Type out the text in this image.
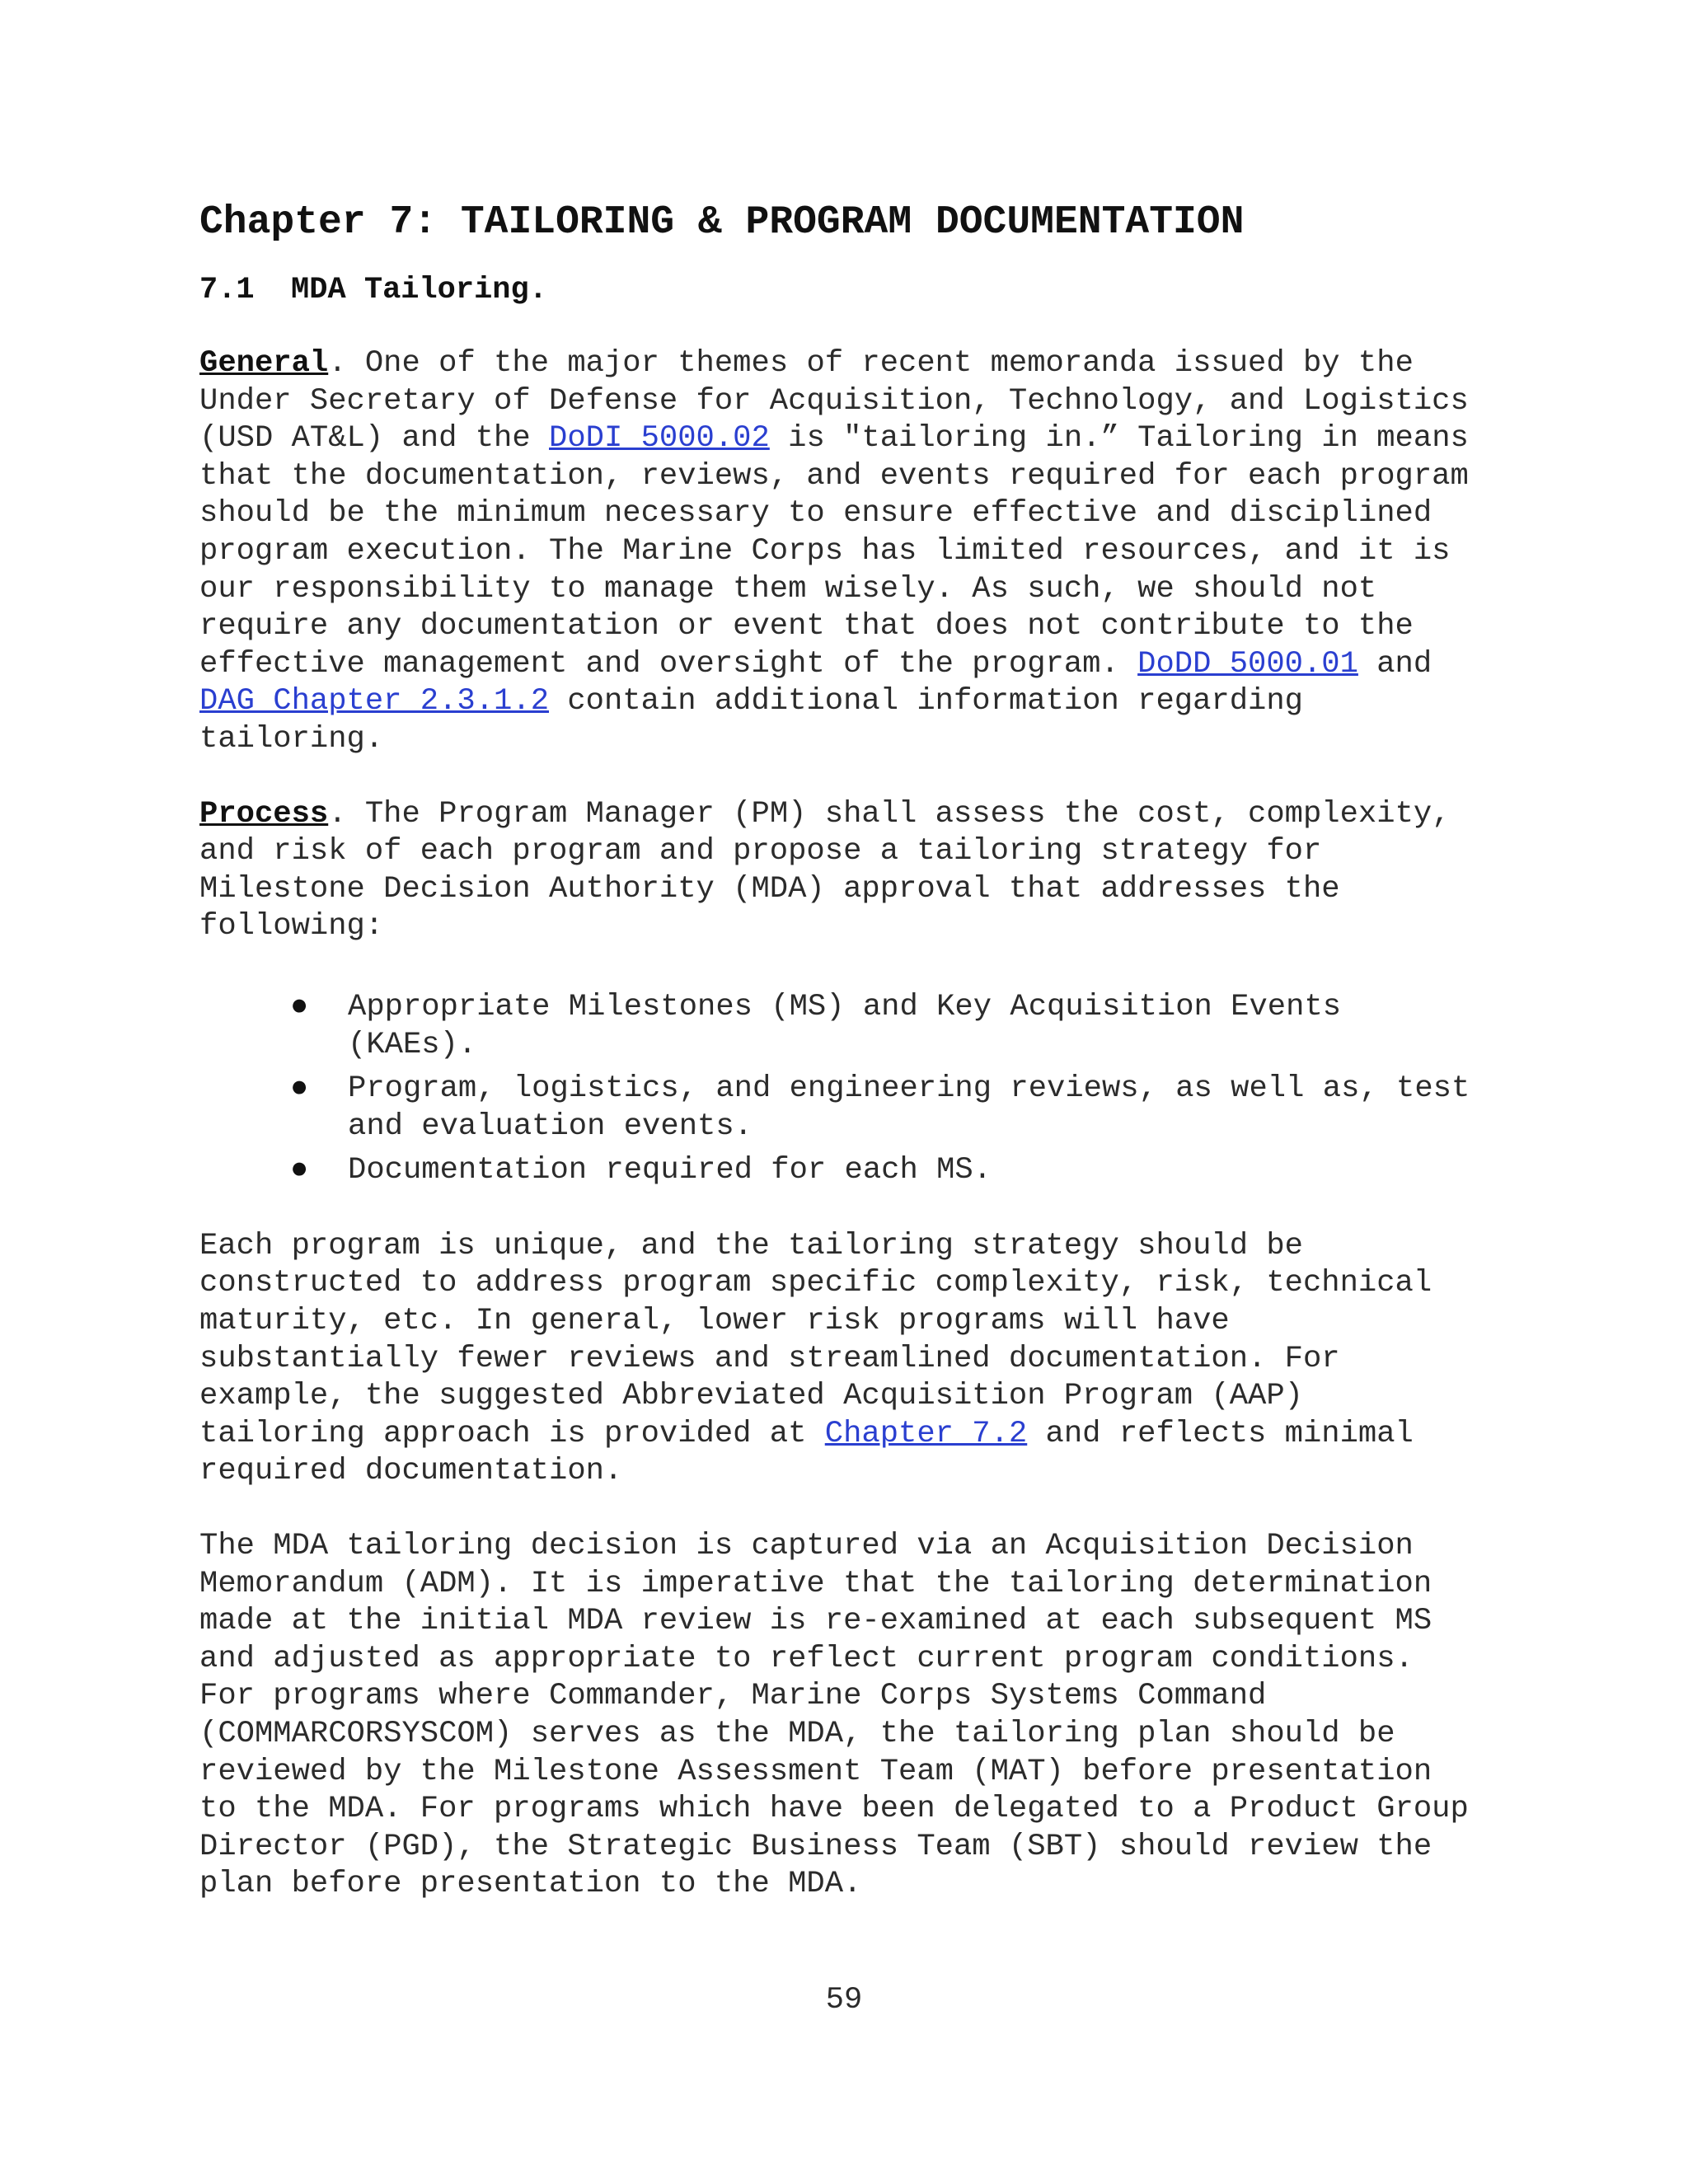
Chapter 7: TAILORING & PROGRAM DOCUMENTATION
7.1 MDA Tailoring.

General. One of the major themes of recent memoranda issued by the Under Secretary of Defense for Acquisition, Technology, and Logistics (USD AT&L) and the DoDI 5000.02 is "tailoring in.” Tailoring in means that the documentation, reviews, and events required for each program should be the minimum necessary to ensure effective and disciplined program execution. The Marine Corps has limited resources, and it is our responsibility to manage them wisely. As such, we should not require any documentation or event that does not contribute to the effective management and oversight of the program. DoDD 5000.01 and DAG Chapter 2.3.1.2 contain additional information regarding tailoring.

Process. The Program Manager (PM) shall assess the cost, complexity, and risk of each program and propose a tailoring strategy for Milestone Decision Authority (MDA) approval that addresses the following:

● Appropriate Milestones (MS) and Key Acquisition Events (KAEs).
● Program, logistics, and engineering reviews, as well as, test and evaluation events.
● Documentation required for each MS.

Each program is unique, and the tailoring strategy should be constructed to address program specific complexity, risk, technical maturity, etc. In general, lower risk programs will have substantially fewer reviews and streamlined documentation. For example, the suggested Abbreviated Acquisition Program (AAP) tailoring approach is provided at Chapter 7.2 and reflects minimal required documentation.

The MDA tailoring decision is captured via an Acquisition Decision Memorandum (ADM). It is imperative that the tailoring determination made at the initial MDA review is re-examined at each subsequent MS and adjusted as appropriate to reflect current program conditions. For programs where Commander, Marine Corps Systems Command (COMMARCORSYSCOM) serves as the MDA, the tailoring plan should be reviewed by the Milestone Assessment Team (MAT) before presentation to the MDA. For programs which have been delegated to a Product Group Director (PGD), the Strategic Business Team (SBT) should review the plan before presentation to the MDA.

59
